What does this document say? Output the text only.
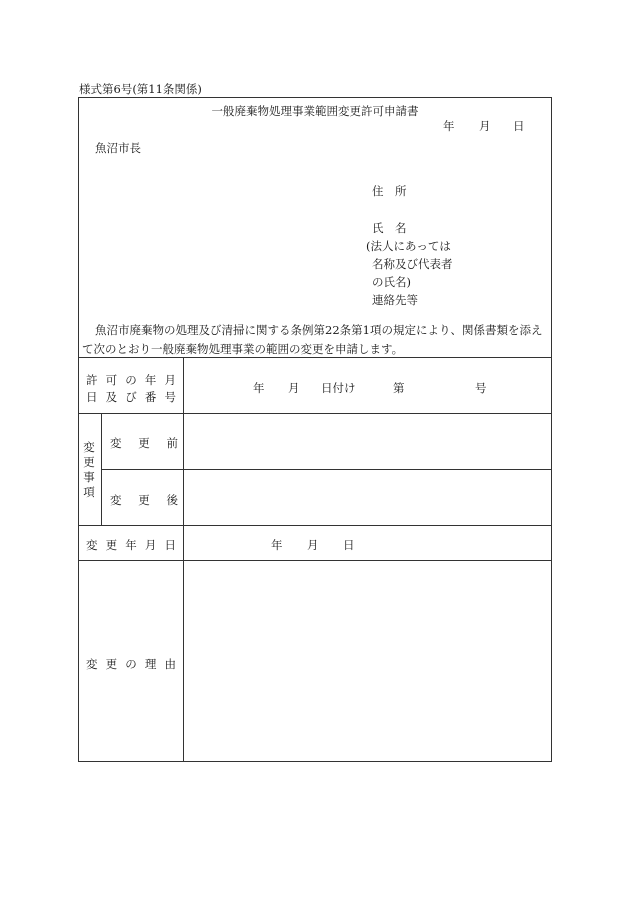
様式第6号(第11条関係)
一般廃棄物処理事業範囲変更許可申請書
年 月 日
魚沼市長
住　所
氏　名
(法人にあっては
名称及び代表者
の氏名)
連絡先等
魚沼市廃棄物の処理及び清掃に関する条例第22条第1項の規定により、関係書類を添え
て次のとおり一般廃棄物処理事業の範囲の変更を申請します。
許 可 の 年 月
日 及 び 番 号
年 月 日付け	第	号
変
更
事
項
変 更 前
変 更 後
変 更 年 月 日	年 月 日
変 更 の 理 由
